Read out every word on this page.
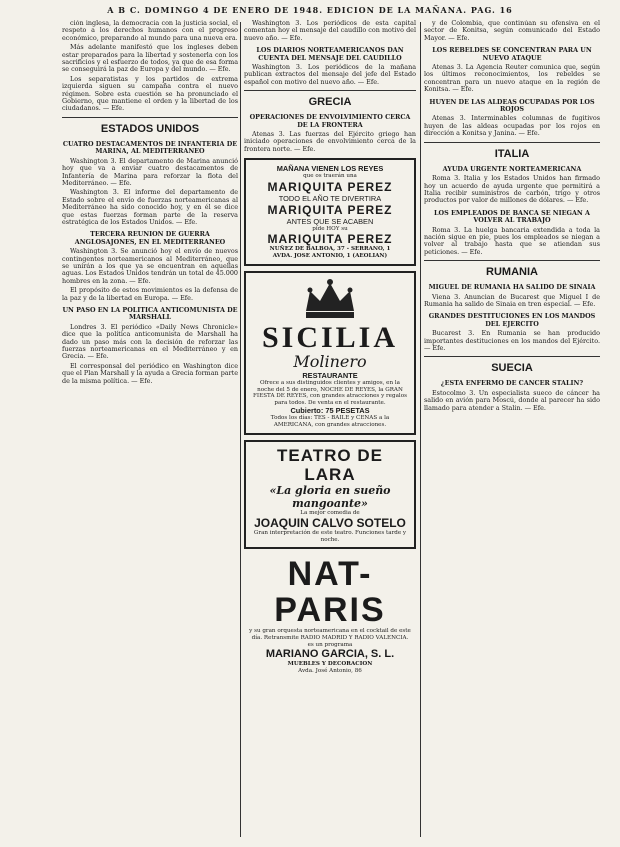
A B C. DOMINGO 4 DE ENERO DE 1948. EDICION DE LA MAÑANA. PAG. 16

ción inglesa, la democracia con la justicia social, el respeto a los derechos humanos con el progreso económico, preparando al mundo para una nueva era.

Más adelante manifestó que los ingleses deben estar preparados para la libertad y sostenerla con los sacrificios y el esfuerzo de todos, ya que de esa forma se conseguirá la paz de Europa y del mundo. — Efe.

Los separatistas y los partidos de extrema izquierda siguen su campaña contra el nuevo régimen. Sobre esta cuestión se ha pronunciado el Gobierno, que mantiene el orden y la libertad de los ciudadanos. — Efe.

ESTADOS UNIDOS
CUATRO DESTACAMENTOS DE INFANTERIA DE MARINA, AL MEDITERRANEO

Washington 3. El departamento de Marina anunció hoy que va a enviar cuatro destacamentos de Infantería de Marina para reforzar la flota del Mediterráneo. — Efe.

Washington 3. El informe del departamento de Estado sobre el envío de fuerzas norteamericanas al Mediterráneo ha sido conocido hoy, y en él se dice que estas fuerzas forman parte de la reserva estratégica de los Estados Unidos. — Efe.

TERCERA REUNION DE GUERRA ANGLOSAJONES, EN EL MEDITERRANEO

Washington 3. Se anunció hoy el envío de nuevos contingentes norteamericanos al Mediterráneo, que se unirán a los que ya se encuentran en aquellas aguas. Los Estados Unidos tendrán un total de 45.000 hombres en la zona. — Efe.

El propósito de estos movimientos es la defensa de la paz y de la libertad en Europa. — Efe.

UN PASO EN LA POLITICA ANTICOMUNISTA DE MARSHALL

Londres 3. El periódico «Daily News Chronicle» dice que la política anticomunista de Marshall ha dado un paso más con la decisión de reforzar las fuerzas norteamericanas en el Mediterráneo y en Grecia. — Efe.

El corresponsal del periódico en Washington dice que el Plan Marshall y la ayuda a Grecia forman parte de la misma política. — Efe.

Washington 3. Los periódicos de esta capital comentan hoy el mensaje del caudillo con motivo del nuevo año. — Efe.

LOS DIARIOS NORTEAMERICANOS DAN CUENTA DEL MENSAJE DEL CAUDILLO

Washington 3. Los periódicos de la mañana publican extractos del mensaje del jefe del Estado español con motivo del nuevo año. — Efe.

GRECIA
OPERACIONES DE ENVOLVIMIENTO CERCA DE LA FRONTERA

Atenas 3. Las fuerzas del Ejército griego han iniciado operaciones de envolvimiento cerca de la frontera norte. — Efe.

MAÑANA VIENEN LOS REYES
que os traerán una
MARIQUITA PEREZ
TODO EL AÑO TE DIVERTIRA
MARIQUITA PEREZ
ANTES QUE SE ACABEN
pide HOY su
MARIQUITA PEREZ
NUÑEZ DE BALBOA, 37 - SERRANO, 1
AVDA. JOSE ANTONIO, 1 (AEOLIAN)
SICILIA
Molinero
RESTAURANTE
Ofrece a sus distinguidos clientes y amigos, en la noche del 5 de enero, NOCHE DE REYES, la GRAN FIESTA DE REYES, con grandes atracciones y regalos para todos. De venta en el restaurante.
Cubierto: 75 PESETAS
Todos los días: TES - BAILE y CENAS a la AMERICANA, con grandes atracciones.
TEATRO DE LARA
«La gloria en sueño mangoante»
La mejor comedia de
JOAQUIN CALVO SOTELO
Gran interpretación de este teatro. Funciones tarde y noche.
NAT-PARIS
y su gran orquesta norteamericana en el cocktail de este día. Retransmite RADIO MADRID Y RADIO VALENCIA.
es un programa
MARIANO GARCIA, S. L.
MUEBLES Y DECORACION
Avda. José Antonio, 86

y de Colombia, que continúan su ofensiva en el sector de Konitsa, según comunicado del Estado Mayor. — Efe.

LOS REBELDES SE CONCENTRAN PARA UN NUEVO ATAQUE

Atenas 3. La Agencia Reuter comunica que, según los últimos reconocimientos, los rebeldes se concentran para un nuevo ataque en la región de Konitsa. — Efe.

HUYEN DE LAS ALDEAS OCUPADAS POR LOS ROJOS

Atenas 3. Interminables columnas de fugitivos huyen de las aldeas ocupadas por los rojos en dirección a Konitsa y Janina. — Efe.

ITALIA
AYUDA URGENTE NORTEAMERICANA

Roma 3. Italia y los Estados Unidos han firmado hoy un acuerdo de ayuda urgente que permitirá a Italia recibir suministros de carbón, trigo y otros productos por valor de millones de dólares. — Efe.

LOS EMPLEADOS DE BANCA SE NIEGAN A VOLVER AL TRABAJO

Roma 3. La huelga bancaria extendida a toda la nación sigue en pie, pues los empleados se niegan a volver al trabajo hasta que se atiendan sus peticiones. — Efe.

RUMANIA
MIGUEL DE RUMANIA HA SALIDO DE SINAIA

Viena 3. Anuncian de Bucarest que Miguel I de Rumania ha salido de Sinaia en tren especial. — Efe.

GRANDES DESTITUCIONES EN LOS MANDOS DEL EJERCITO

Bucarest 3. En Rumania se han producido importantes destituciones en los mandos del Ejército. — Efe.

SUECIA
¿ESTA ENFERMO DE CANCER STALIN?

Estocolmo 3. Un especialista sueco de cáncer ha salido en avión para Moscú, donde al parecer ha sido llamado para atender a Stalin. — Efe.
